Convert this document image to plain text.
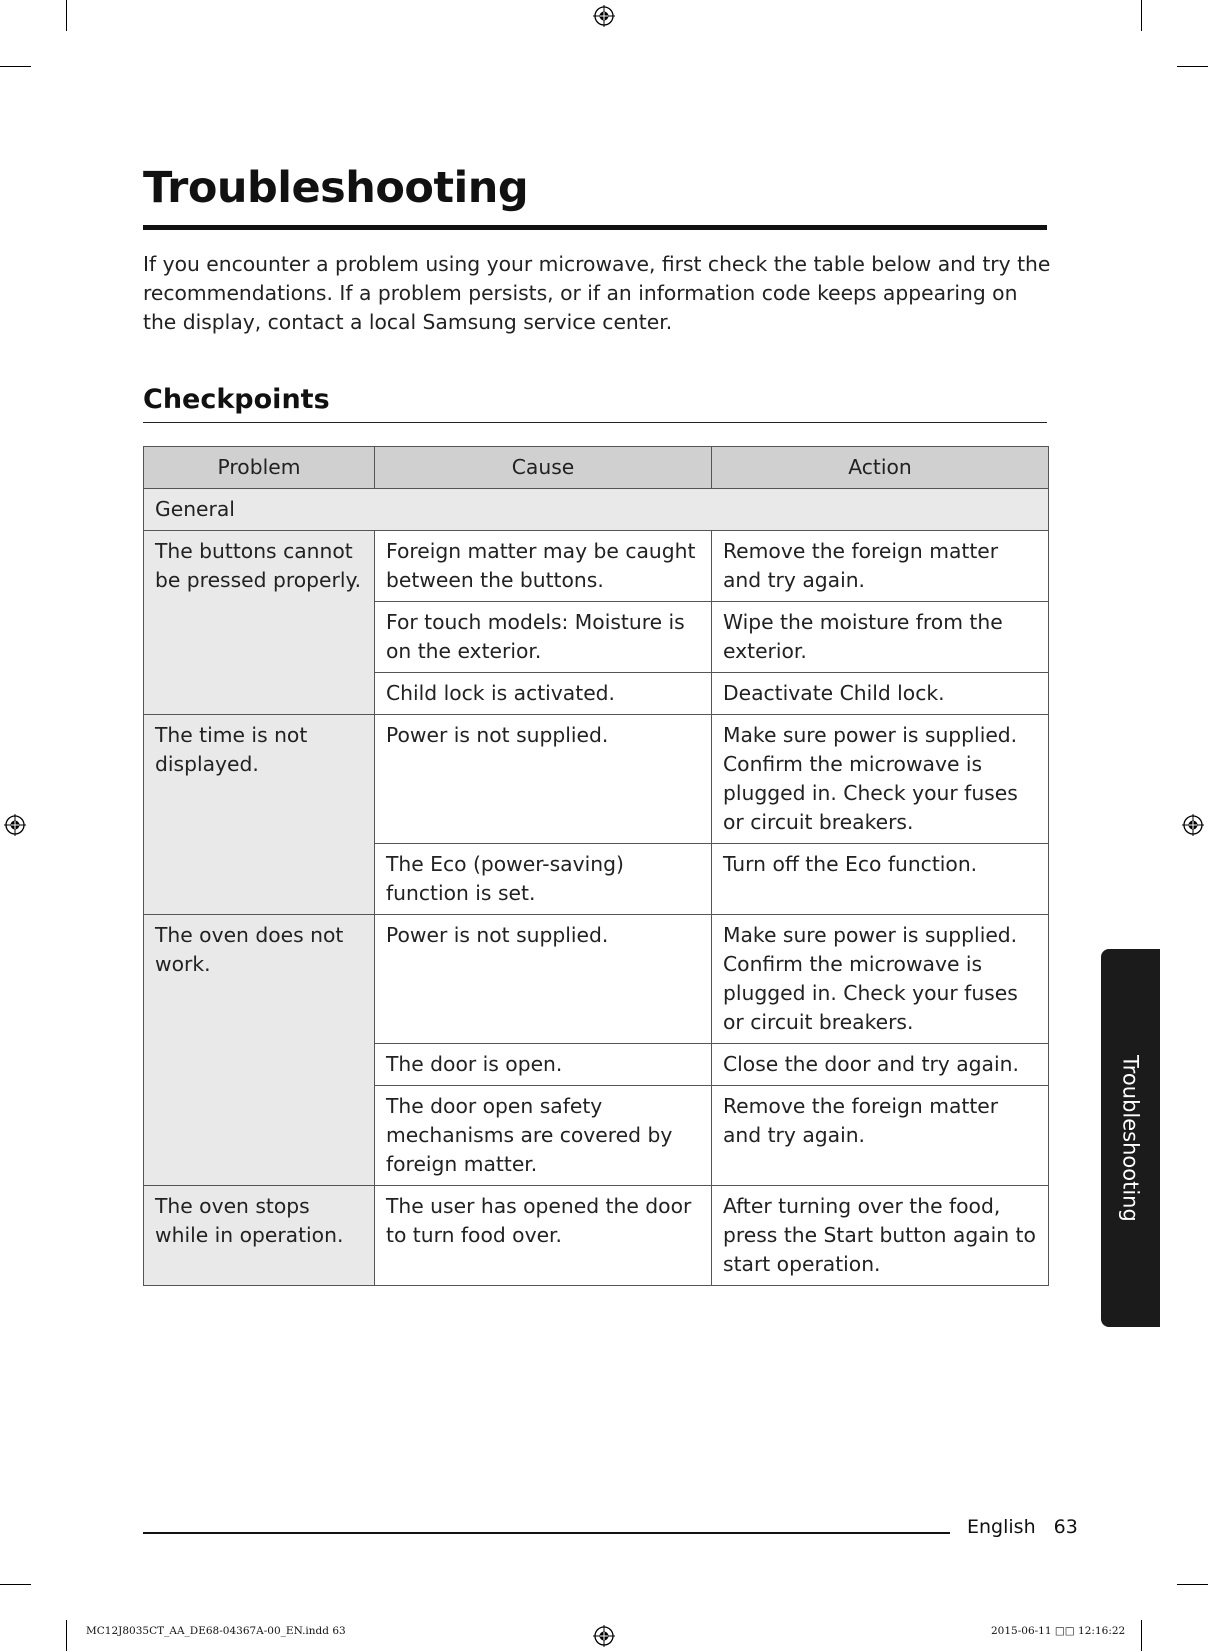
Troubleshooting

If you encounter a problem using your microwave, first check the table below and try the recommendations. If a problem persists, or if an information code keeps appearing on the display, contact a local Samsung service center.

Checkpoints
Problem	Cause	Action
General		
The buttons cannot be pressed properly.	Foreign matter may be caught between the buttons.	Remove the foreign matter and try again.
	For touch models: Moisture is on the exterior.	Wipe the moisture from the exterior.
	Child lock is activated.	Deactivate Child lock.
The time is not displayed.	Power is not supplied.	Make sure power is supplied. Confirm the microwave is plugged in. Check your fuses or circuit breakers.
	The Eco (power-saving) function is set.	Turn off the Eco function.
The oven does not work.	Power is not supplied.	Make sure power is supplied. Confirm the microwave is plugged in. Check your fuses or circuit breakers.
	The door is open.	Close the door and try again.
	The door open safety mechanisms are covered by foreign matter.	Remove the foreign matter and try again.
The oven stops while in operation.	The user has opened the door to turn food over.	After turning over the food, press the Start button again to start operation.
Troubleshooting
English 63
MC12J8035CT_AA_DE68-04367A-00_EN.indd 63	2015-06-11 □□ 12:16:22
